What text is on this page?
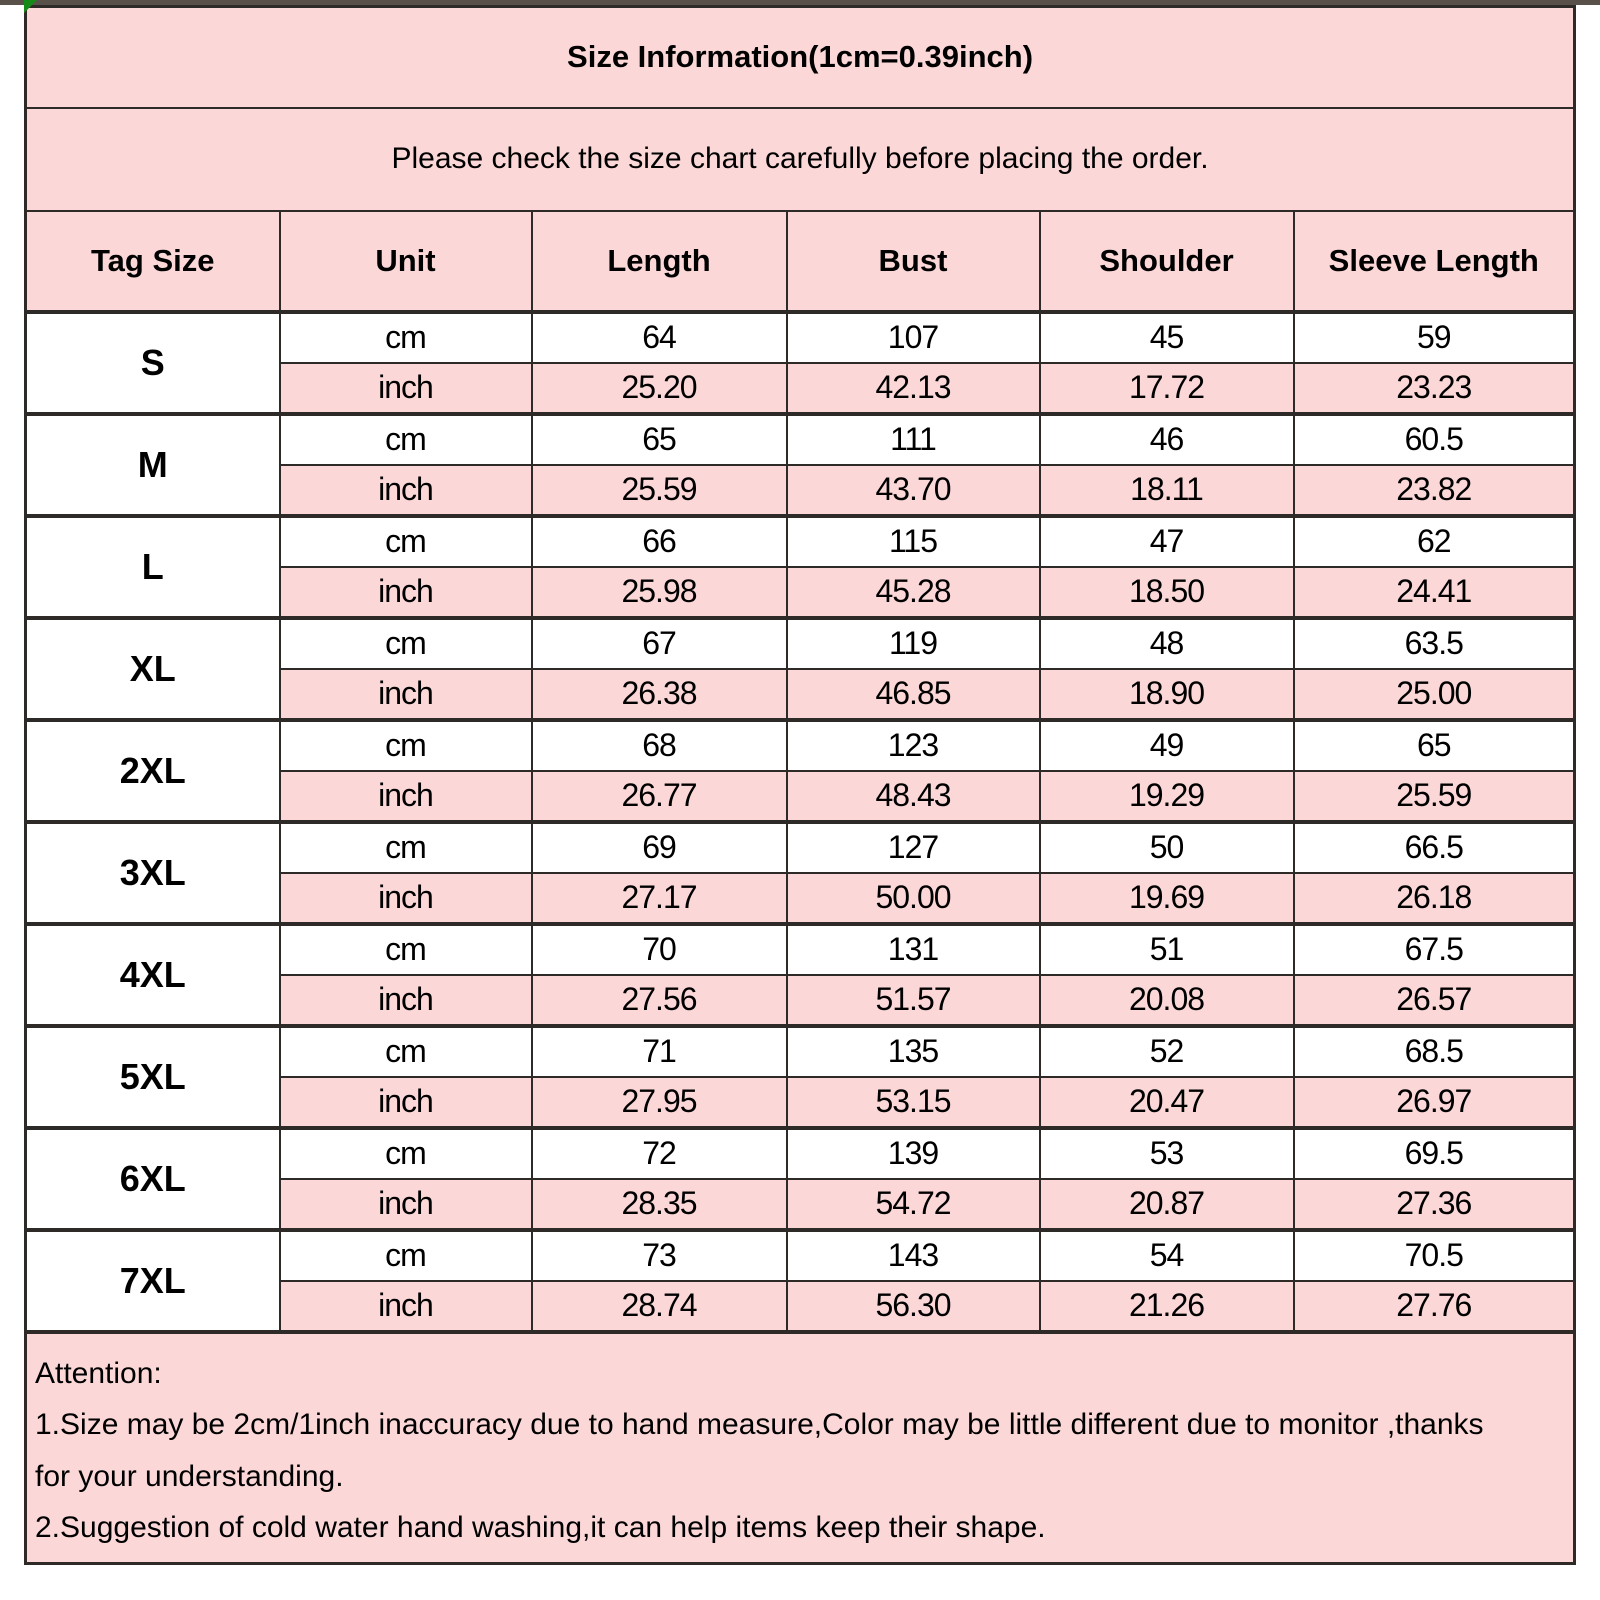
Size Information(1cm=0.39inch)					
Please check the size chart carefully before placing the order.					
Tag Size	Unit	Length	Bust	Shoulder	Sleeve Length
S	cm	64	107	45	59
	inch	25.20	42.13	17.72	23.23
M	cm	65	111	46	60.5
	inch	25.59	43.70	18.11	23.82
L	cm	66	115	47	62
	inch	25.98	45.28	18.50	24.41
XL	cm	67	119	48	63.5
	inch	26.38	46.85	18.90	25.00
2XL	cm	68	123	49	65
	inch	26.77	48.43	19.29	25.59
3XL	cm	69	127	50	66.5
	inch	27.17	50.00	19.69	26.18
4XL	cm	70	131	51	67.5
	inch	27.56	51.57	20.08	26.57
5XL	cm	71	135	52	68.5
	inch	27.95	53.15	20.47	26.97
6XL	cm	72	139	53	69.5
	inch	28.35	54.72	20.87	27.36
7XL	cm	73	143	54	70.5
	inch	28.74	56.30	21.26	27.76

Attention:

1.Size may be 2cm/1inch inaccuracy due to hand measure,Color may be little different due to monitor ,thanks for your understanding.

2.Suggestion of cold water hand washing,it can help items keep their shape.					
